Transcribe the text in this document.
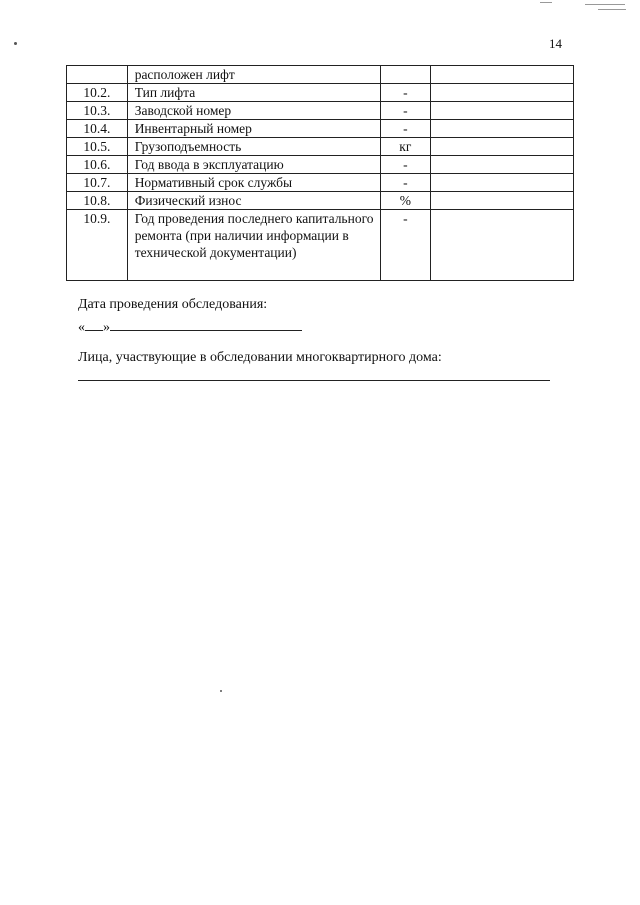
14
	расположен лифт		
10.2.	Тип лифта	-	
10.3.	Заводской номер	-	
10.4.	Инвентарный номер	-	
10.5.	Грузоподъемность	кг	
10.6.	Год ввода в эксплуатацию	-	
10.7.	Нормативный срок службы	-	
10.8.	Физический износ	%	
10.9.	Год проведения последнего капитального ремонта (при наличии информации в технической документации)	-	
Дата проведения обследования:
« »
Лица, участвующие в обследовании многоквартирного дома:
